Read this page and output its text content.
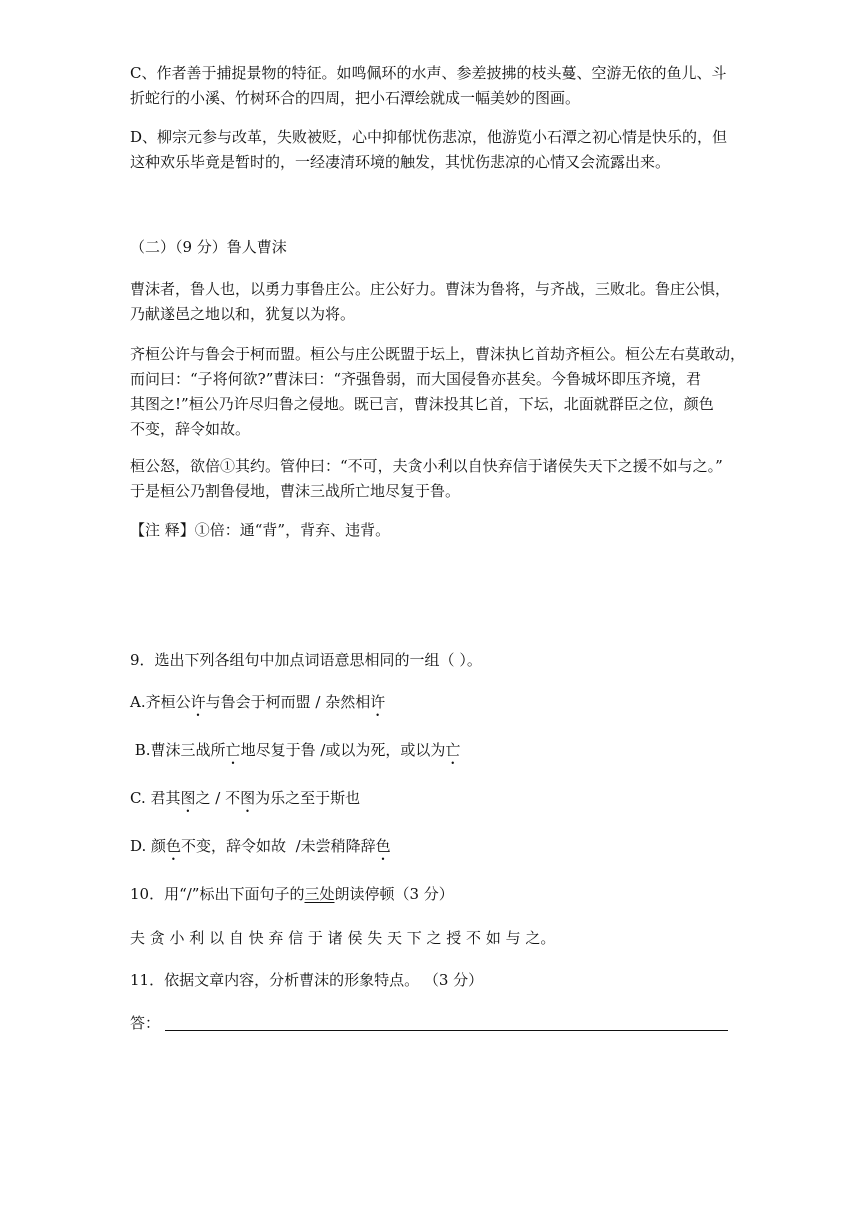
C、作者善于捕捉景物的特征。如鸣佩环的水声、参差披拂的枝头蔓、空游无依的鱼儿、斗
折蛇行的小溪、竹树环合的四周，把小石潭绘就成一幅美妙的图画。
D、柳宗元参与改革，失败被贬，心中抑郁忧伤悲凉，他游览小石潭之初心情是快乐的，但
这种欢乐毕竟是暂时的，一经凄清环境的触发，其忧伤悲凉的心情又会流露出来。
（二）（9 分）鲁人曹沫
曹沫者，鲁人也，以勇力事鲁庄公。庄公好力。曹沫为鲁将，与齐战，三败北。鲁庄公惧，
乃献遂邑之地以和，犹复以为将。
齐桓公许与鲁会于柯而盟。桓公与庄公既盟于坛上，曹沫执匕首劫齐桓公。桓公左右莫敢动，
而问曰：“子将何欲?”曹沫曰：“齐强鲁弱，而大国侵鲁亦甚矣。今鲁城坏即压齐境，君
其图之!”桓公乃许尽归鲁之侵地。既已言，曹沫投其匕首，下坛，北面就群臣之位，颜色
不变，辞令如故。
桓公怒，欲倍①其约。管仲曰：“不可，夫贪小利以自快弃信于诸侯失天下之援不如与之。”
于是桓公乃割鲁侵地，曹沫三战所亡地尽复于鲁。
【注 释】①倍：通“背”，背弃、违背。
9．选出下列各组句中加点词语意思相同的一组（ ）。
A.齐桓公许与鲁会于柯而盟 / 杂然相许
B.曹沫三战所亡地尽复于鲁 /或以为死，或以为亡
C. 君其图之 / 不图为乐之至于斯也
D. 颜色不变，辞令如故  /未尝稍降辞色
10．用“/”标出下面句子的三处朗读停顿（3 分）
夫 贪 小 利 以 自 快 弃 信 于 诸 侯 失 天 下 之 授 不 如 与 之。
11．依据文章内容，分析曹沫的形象特点。 （3 分）
答：
